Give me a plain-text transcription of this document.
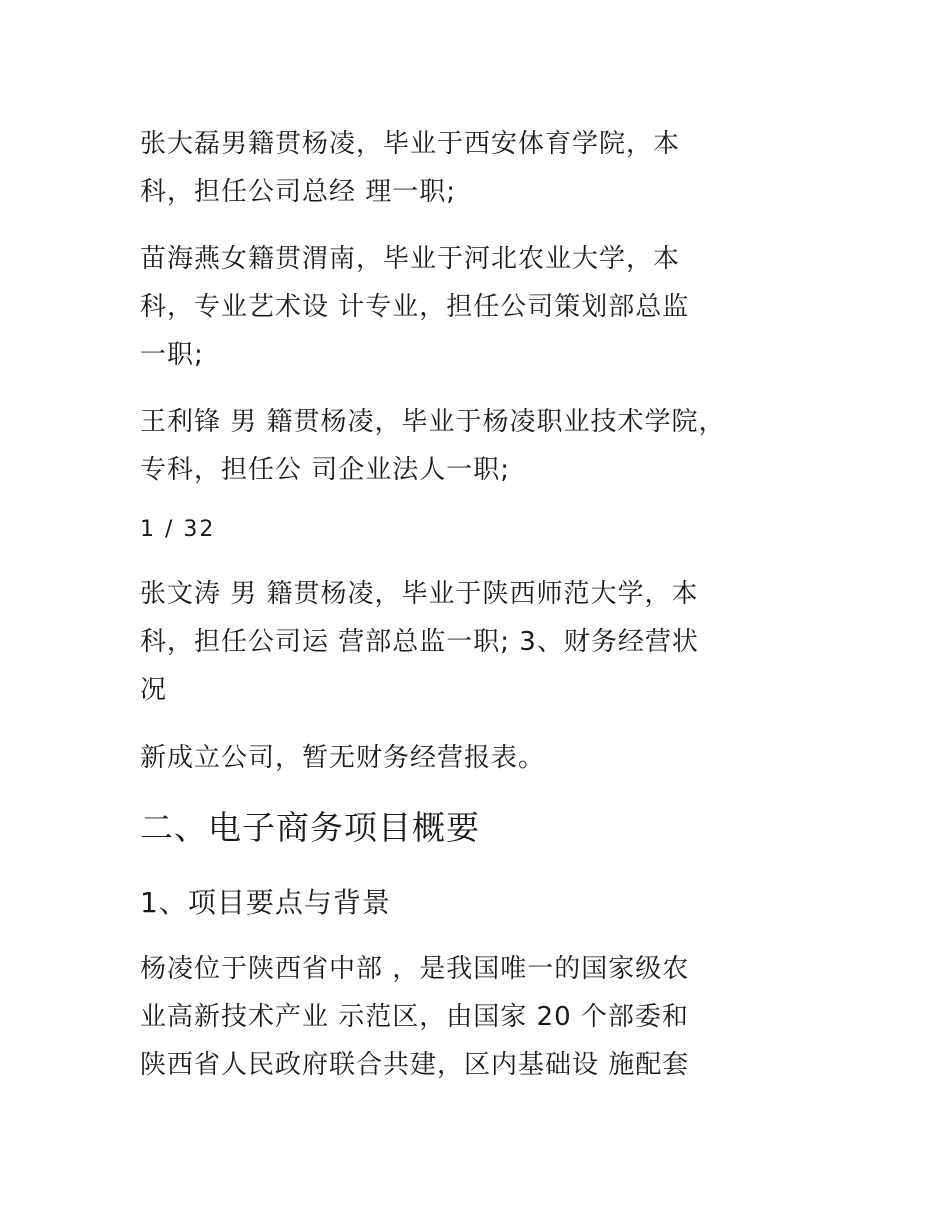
张大磊男籍贯杨凌，毕业于西安体育学院，本
科，担任公司总经 理一职;

苗海燕女籍贯渭南，毕业于河北农业大学，本
科，专业艺术设 计专业，担任公司策划部总监
一职;

王利锋 男 籍贯杨凌，毕业于杨凌职业技术学院，
专科，担任公 司企业法人一职;

1 / 32

张文涛 男 籍贯杨凌，毕业于陕西师范大学，本
科，担任公司运 营部总监一职; 3、财务经营状
况

新成立公司，暂无财务经营报表。

二、电子商务项目概要
1、项目要点与背景

杨凌位于陕西省中部 ，是我国唯一的国家级农
业高新技术产业 示范区，由国家 20 个部委和
陕西省人民政府联合共建，区内基础设 施配套
